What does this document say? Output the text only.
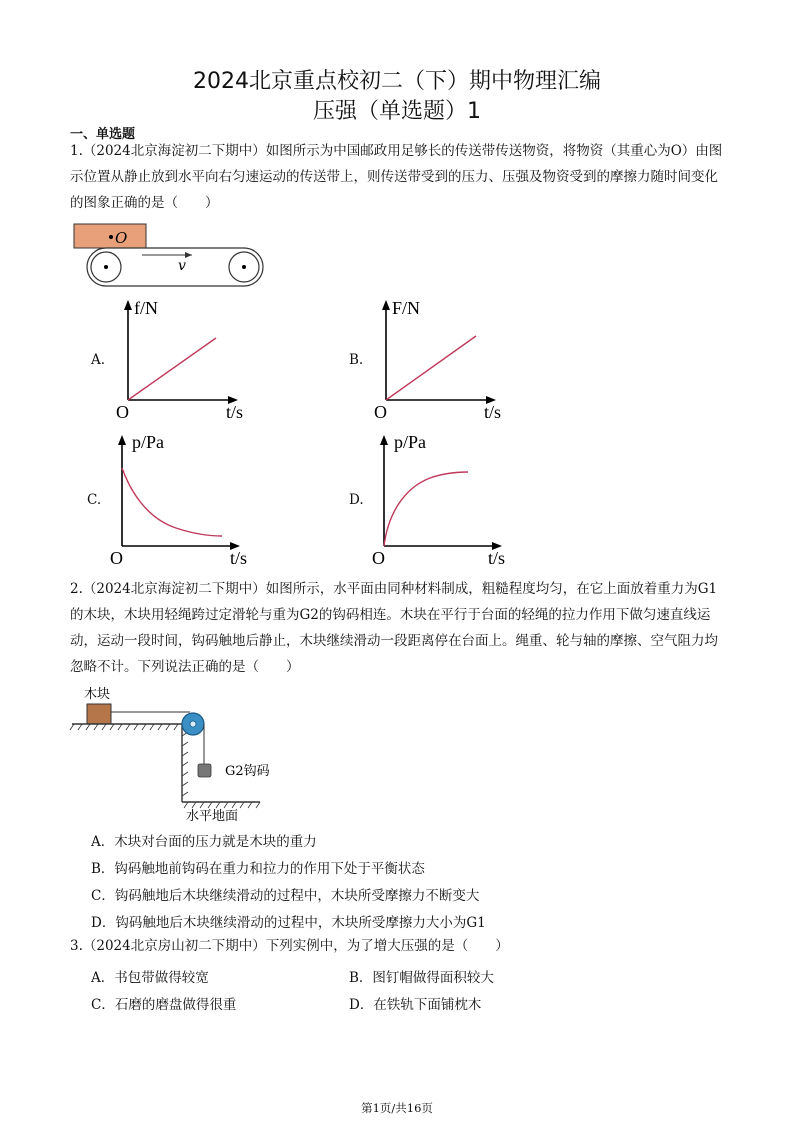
2024北京重点校初二（下）期中物理汇编
压强（单选题）1
一、单选题
1.（2024北京海淀初二下期中）如图所示为中国邮政用足够长的传送带传送物资，将物资（其重心为O）由图示位置从静止放到水平向右匀速运动的传送带上，则传送带受到的压力、压强及物资受到的摩擦力随时间变化的图象正确的是（　　）
O
v
A.
f/N
t/s
O
B.
F/N
t/s
O
C.
p/Pa
t/s
O
D.
p/Pa
t/s
O
2.（2024北京海淀初二下期中）如图所示，水平面由同种材料制成，粗糙程度均匀，在它上面放着重力为G1的木块，木块用轻绳跨过定滑轮与重为G2的钩码相连。木块在平行于台面的轻绳的拉力作用下做匀速直线运动，运动一段时间，钩码触地后静止，木块继续滑动一段距离停在台面上。绳重、轮与轴的摩擦、空气阻力均忽略不计。下列说法正确的是（　　）
木块
G2钩码
水平地面
A．木块对台面的压力就是木块的重力
B．钩码触地前钩码在重力和拉力的作用下处于平衡状态
C．钩码触地后木块继续滑动的过程中，木块所受摩擦力不断变大
D．钩码触地后木块继续滑动的过程中，木块所受摩擦力大小为G1
3.（2024北京房山初二下期中）下列实例中，为了增大压强的是（　　）
A．书包带做得较宽	B．图钉帽做得面积较大
C．石磨的磨盘做得很重	D．在铁轨下面铺枕木
第1页/共16页
